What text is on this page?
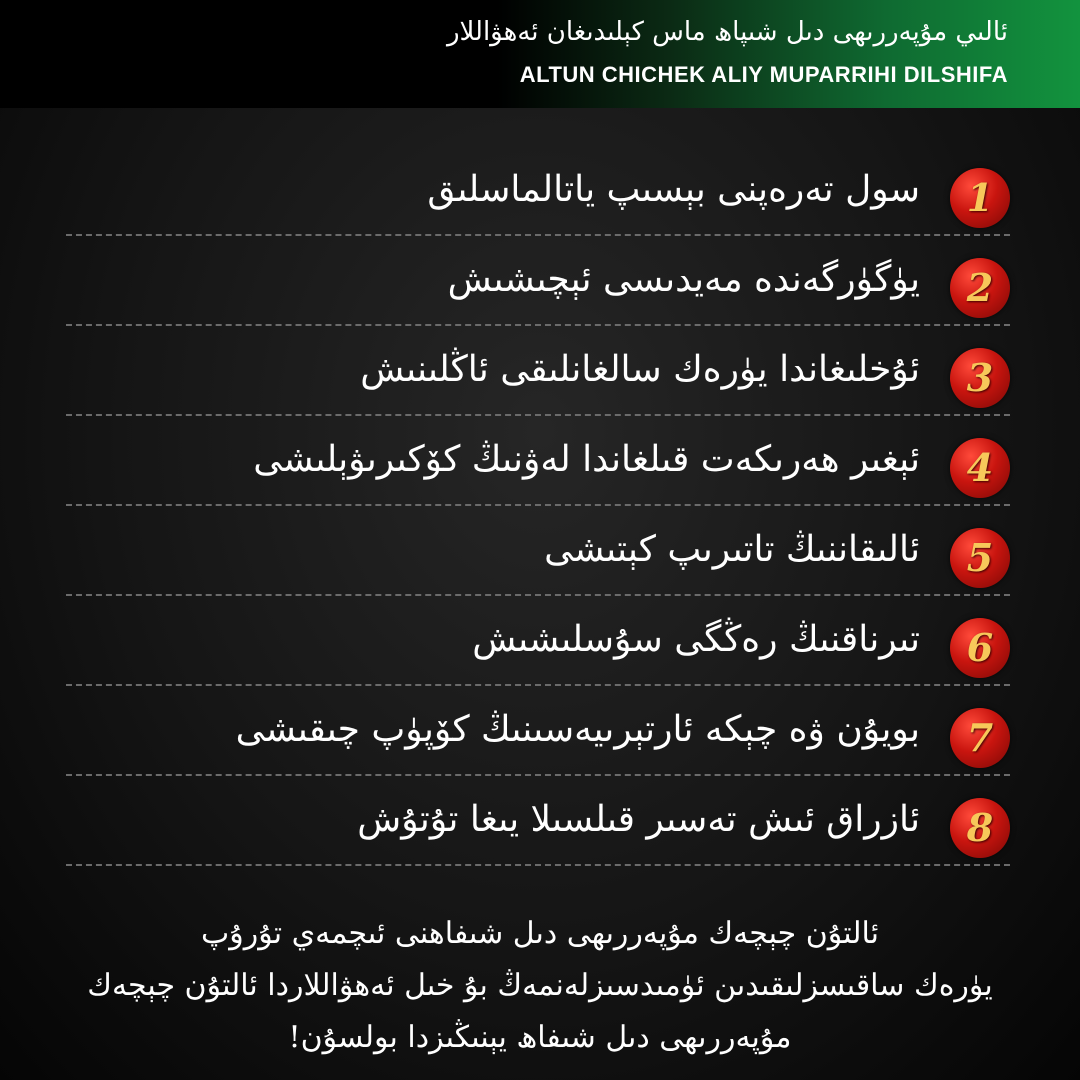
ئالىي مۇپەررىھى دىل شىپاھ ماس كېلىدىغان ئەھۋاللار
ALTUN CHICHEK ALIY MUPARRIHI DILSHIFA
سول تەرەپنى بېسىپ ياتالماسلىق	1
يۈگۈرگەندە مەيدىسى ئېچىشىش	2
ئۇخلىغاندا يۈرەك سالغانلىقى ئاڭلىنىش	3
ئېغىر ھەرىكەت قىلغاندا لەۋنىڭ كۆكىرىۋېلىشى	4
ئالىقاننىڭ تاتىرىپ كېتىشى	5
تىرناقنىڭ رەڭگى سۇسلىشىش	6
بويۇن ۋە چېكە ئارتېرىيەسىنىڭ كۆپۈپ چىقىشى	7
ئازراق ئىش تەسىر قىلسىلا يىغا تۇتۇش	8
ئالتۇن چېچەك مۇپەررىھى دىل شىفاھنى ئىچمەي تۇرۇپ
يۈرەك ساقىسزلىقىدىن ئۈمىدسىزلەنمەڭ بۇ خىل ئەھۋاللاردا ئالتۇن چېچەك
مۇپەررىھى دىل شىفاھ يېنىڭىزدا بولسۇن!
